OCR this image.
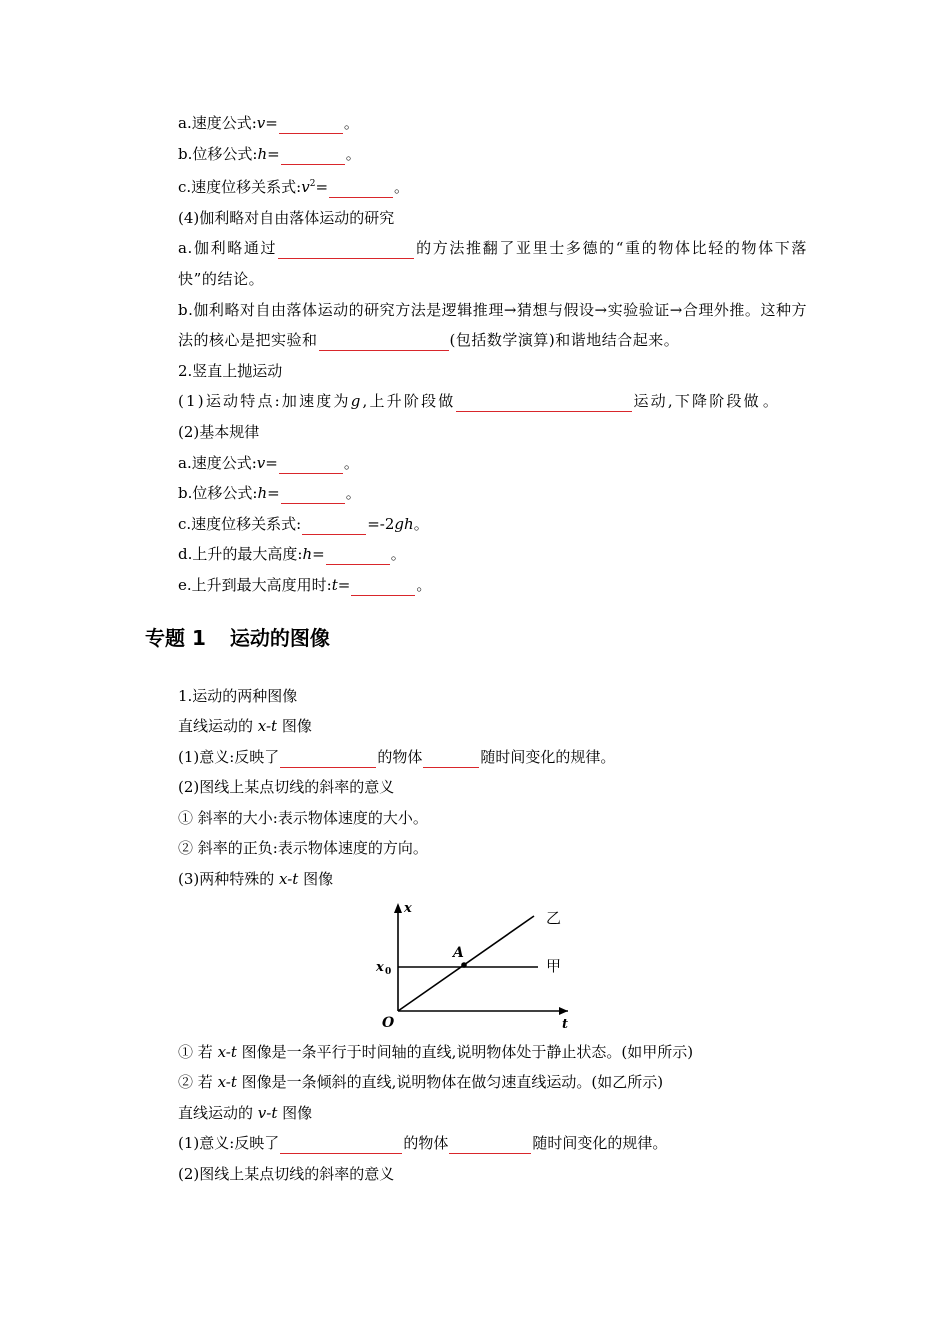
a.速度公式:v=	。

b.位移公式:h=	。

c.速度位移关系式$:v^2=$	。

(4)伽利略对自由落体运动的研究

a.伽利略通过	的方法推翻了亚里士多德的“重的物体比轻的物体下落快”的结论。

b.伽利略对自由落体运动的研究方法是逻辑推理→猜想与假设→实验验证→合理外推。这种方法的核心是把实验和	(包括数学演算)和谐地结合起来。

2.竖直上抛运动

(1)运动特点:加速度为g,上升阶段做	运动,下降阶段做 。

(2)基本规律

a.速度公式:v=	。

b.位移公式:h=	。

c.速度位移关系式:	=-2gh。

d.上升的最大高度:h=	。

e.上升到最大高度用时:t=	。

专题 1 运动的图像

1.运动的两种图像

直线运动的 x-t 图像

(1)意义:反映了	的物体	随时间变化的规律。

(2)图线上某点切线的斜率的意义

① 斜率的大小:表示物体速度的大小。

② 斜率的正负:表示物体速度的方向。

(3)两种特殊的 x-t 图像

x
t
O
x 0
A
甲
乙

① 若 x-t 图像是一条平行于时间轴的直线,说明物体处于静止状态。(如甲所示)

② 若 x-t 图像是一条倾斜的直线,说明物体在做匀速直线运动。(如乙所示)

直线运动的 v-t 图像

(1)意义:反映了	的物体	随时间变化的规律。

(2)图线上某点切线的斜率的意义
